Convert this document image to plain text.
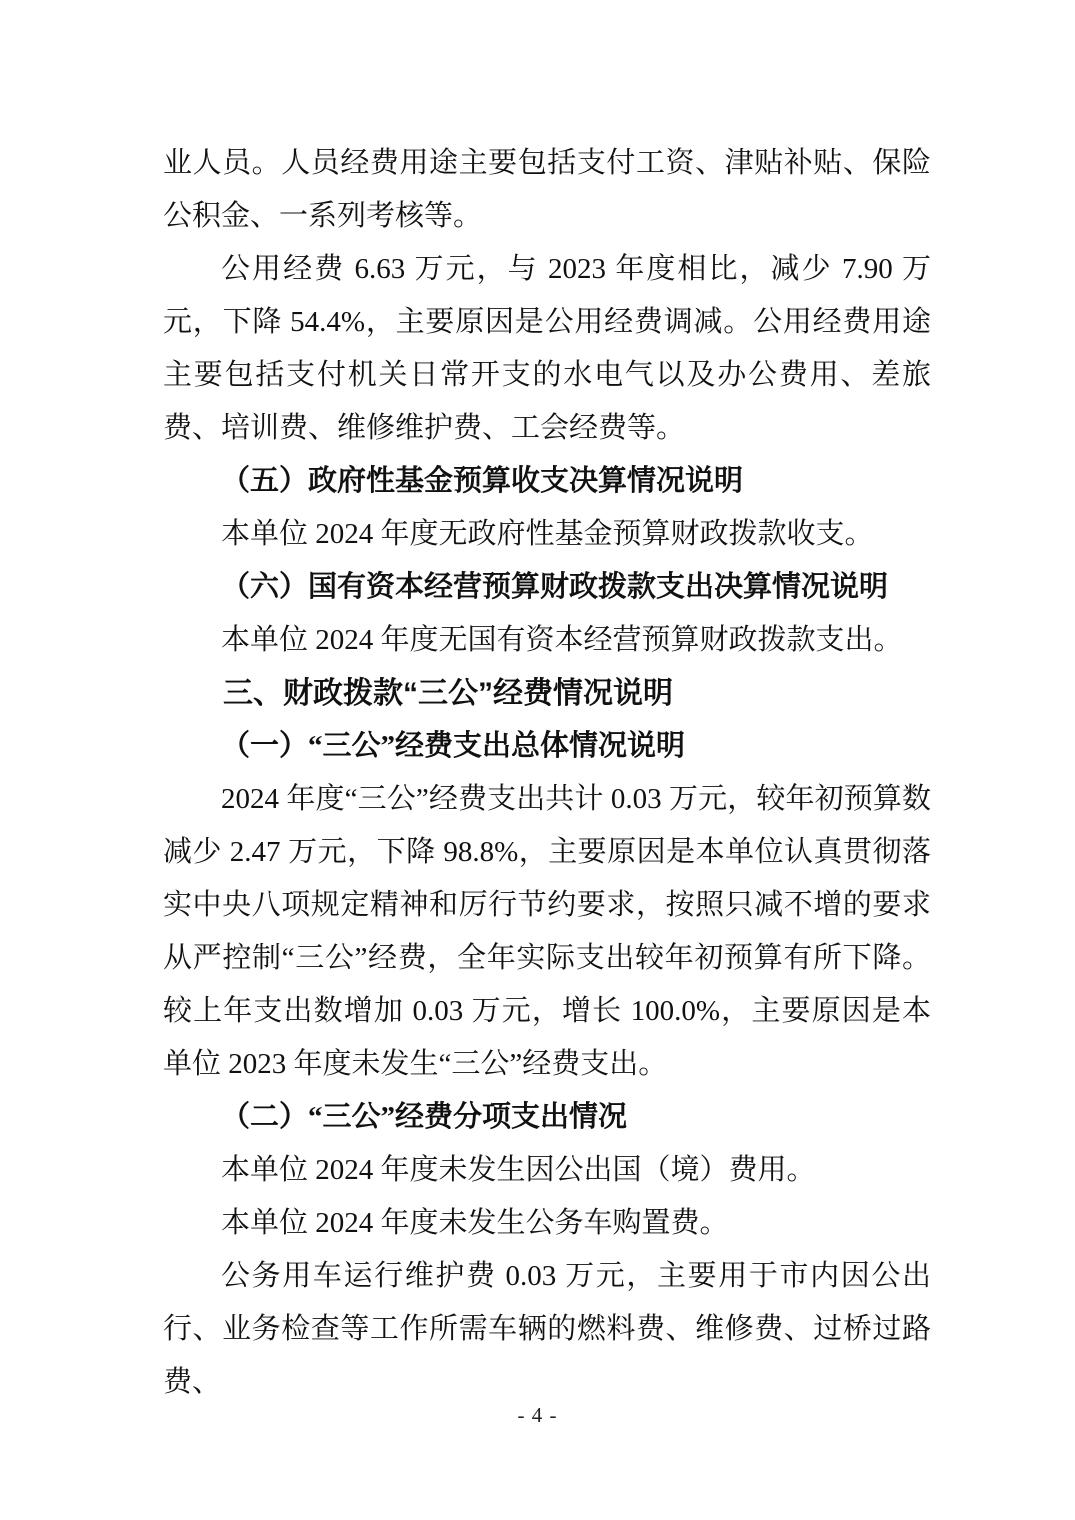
业人员。人员经费用途主要包括支付工资、津贴补贴、保险公积金、一系列考核等。

公用经费 6.63 万元，与 2023 年度相比，减少 7.90 万元，下降 54.4%，主要原因是公用经费调减。公用经费用途主要包括支付机关日常开支的水电气以及办公费用、差旅费、培训费、维修维护费、工会经费等。

（五）政府性基金预算收支决算情况说明

本单位 2024 年度无政府性基金预算财政拨款收支。

（六）国有资本经营预算财政拨款支出决算情况说明

本单位 2024 年度无国有资本经营预算财政拨款支出。

三、财政拨款“三公”经费情况说明

（一）“三公”经费支出总体情况说明

2024 年度“三公”经费支出共计 0.03 万元，较年初预算数减少 2.47 万元，下降 98.8%，主要原因是本单位认真贯彻落实中央八项规定精神和厉行节约要求，按照只减不增的要求从严控制“三公”经费，全年实际支出较年初预算有所下降。较上年支出数增加 0.03 万元，增长 100.0%，主要原因是本单位 2023 年度未发生“三公”经费支出。

（二）“三公”经费分项支出情况

本单位 2024 年度未发生因公出国（境）费用。

本单位 2024 年度未发生公务车购置费。

公务用车运行维护费 0.03 万元，主要用于市内因公出行、业务检查等工作所需车辆的燃料费、维修费、过桥过路费、

- 4 -
